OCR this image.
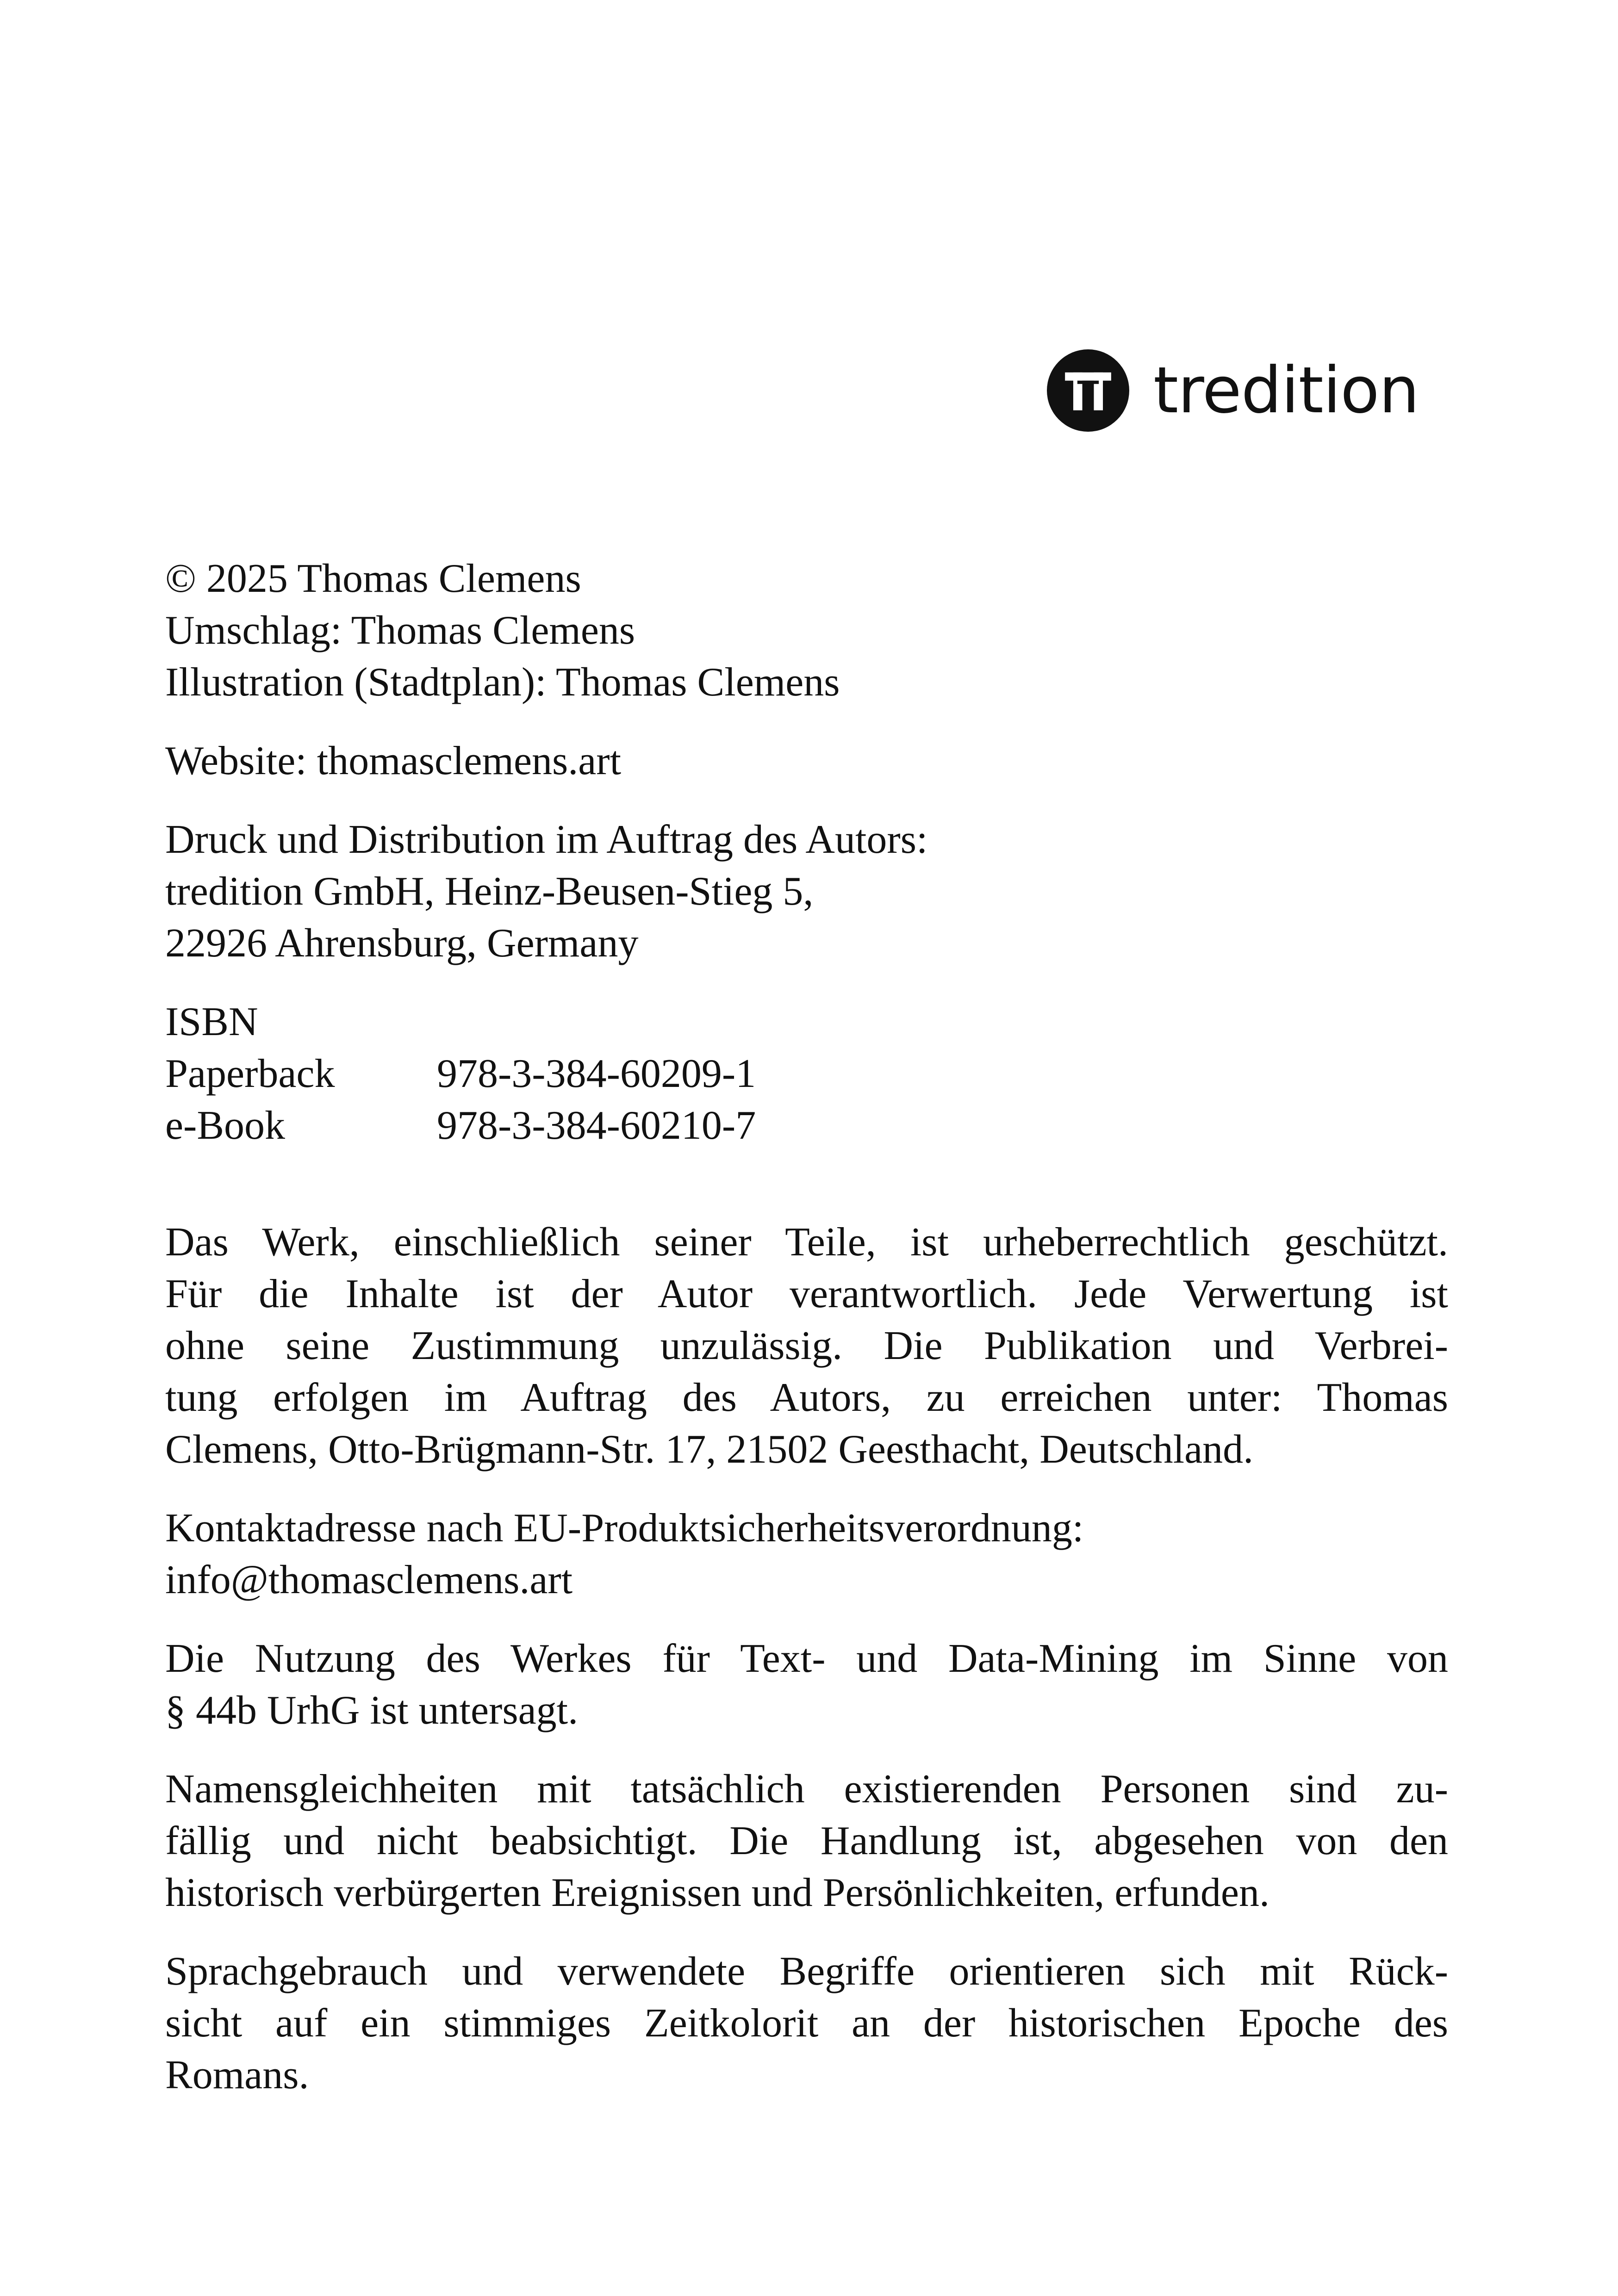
tredition
© 2025 Thomas Clemens
Umschlag: Thomas Clemens
Illustration (Stadtplan): Thomas Clemens
Website: thomasclemens.art
Druck und Distribution im Auftrag des Autors:
tredition GmbH, Heinz-Beusen-Stieg 5,
22926 Ahrensburg, Germany
ISBN
Paperback	978-3-384-60209-1
e-Book	978-3-384-60210-7
Das Werk, einschließlich seiner Teile, ist urheberrechtlich geschützt.
Für die Inhalte ist der Autor verantwortlich. Jede Verwertung ist
ohne seine Zustimmung unzulässig. Die Publikation und Verbrei-
tung erfolgen im Auftrag des Autors, zu erreichen unter: Thomas
Clemens, Otto-Brügmann-Str. 17, 21502 Geesthacht, Deutschland.
Kontaktadresse nach EU-Produktsicherheitsverordnung:
info@thomasclemens.art
Die Nutzung des Werkes für Text- und Data-Mining im Sinne von
§ 44b UrhG ist untersagt.
Namensgleichheiten mit tatsächlich existierenden Personen sind zu-
fällig und nicht beabsichtigt. Die Handlung ist, abgesehen von den
historisch verbürgerten Ereignissen und Persönlichkeiten, erfunden.
Sprachgebrauch und verwendete Begriffe orientieren sich mit Rück-
sicht auf ein stimmiges Zeitkolorit an der historischen Epoche des
Romans.
